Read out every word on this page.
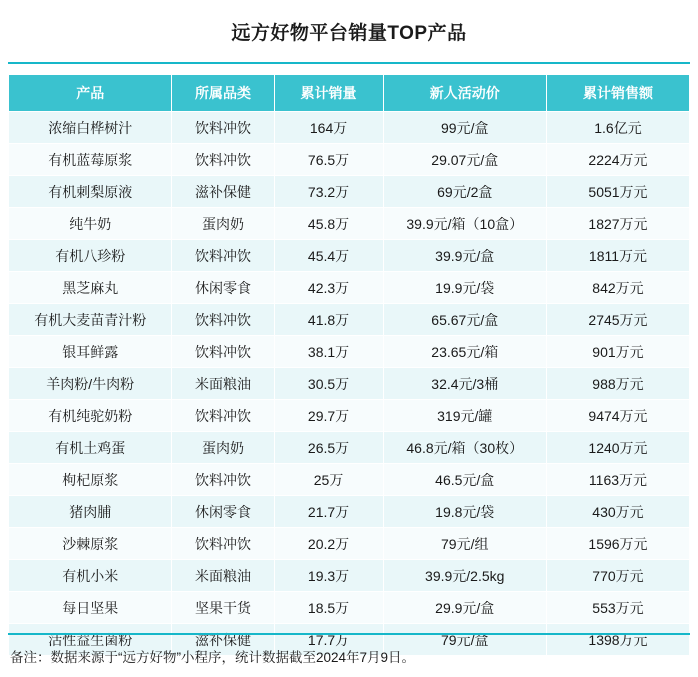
远方好物平台销量TOP产品
产品	所属品类	累计销量	新人活动价	累计销售额
浓缩白桦树汁	饮料冲饮	164万	99元/盒	1.6亿元
有机蓝莓原浆	饮料冲饮	76.5万	29.07元/盒	2224万元
有机刺梨原液	滋补保健	73.2万	69元/2盒	5051万元
纯牛奶	蛋肉奶	45.8万	39.9元/箱（10盒）	1827万元
有机八珍粉	饮料冲饮	45.4万	39.9元/盒	1811万元
黑芝麻丸	休闲零食	42.3万	19.9元/袋	842万元
有机大麦苗青汁粉	饮料冲饮	41.8万	65.67元/盒	2745万元
银耳鲜露	饮料冲饮	38.1万	23.65元/箱	901万元
羊肉粉/牛肉粉	米面粮油	30.5万	32.4元/3桶	988万元
有机纯驼奶粉	饮料冲饮	29.7万	319元/罐	9474万元
有机土鸡蛋	蛋肉奶	26.5万	46.8元/箱（30枚）	1240万元
枸杞原浆	饮料冲饮	25万	46.5元/盒	1163万元
猪肉脯	休闲零食	21.7万	19.8元/袋	430万元
沙棘原浆	饮料冲饮	20.2万	79元/组	1596万元
有机小米	米面粮油	19.3万	39.9元/2.5kg	770万元
每日坚果	坚果干货	18.5万	29.9元/盒	553万元
活性益生菌粉	滋补保健	17.7万	79元/盒	1398万元
备注：数据来源于“远方好物”小程序，统计数据截至2024年7月9日。
